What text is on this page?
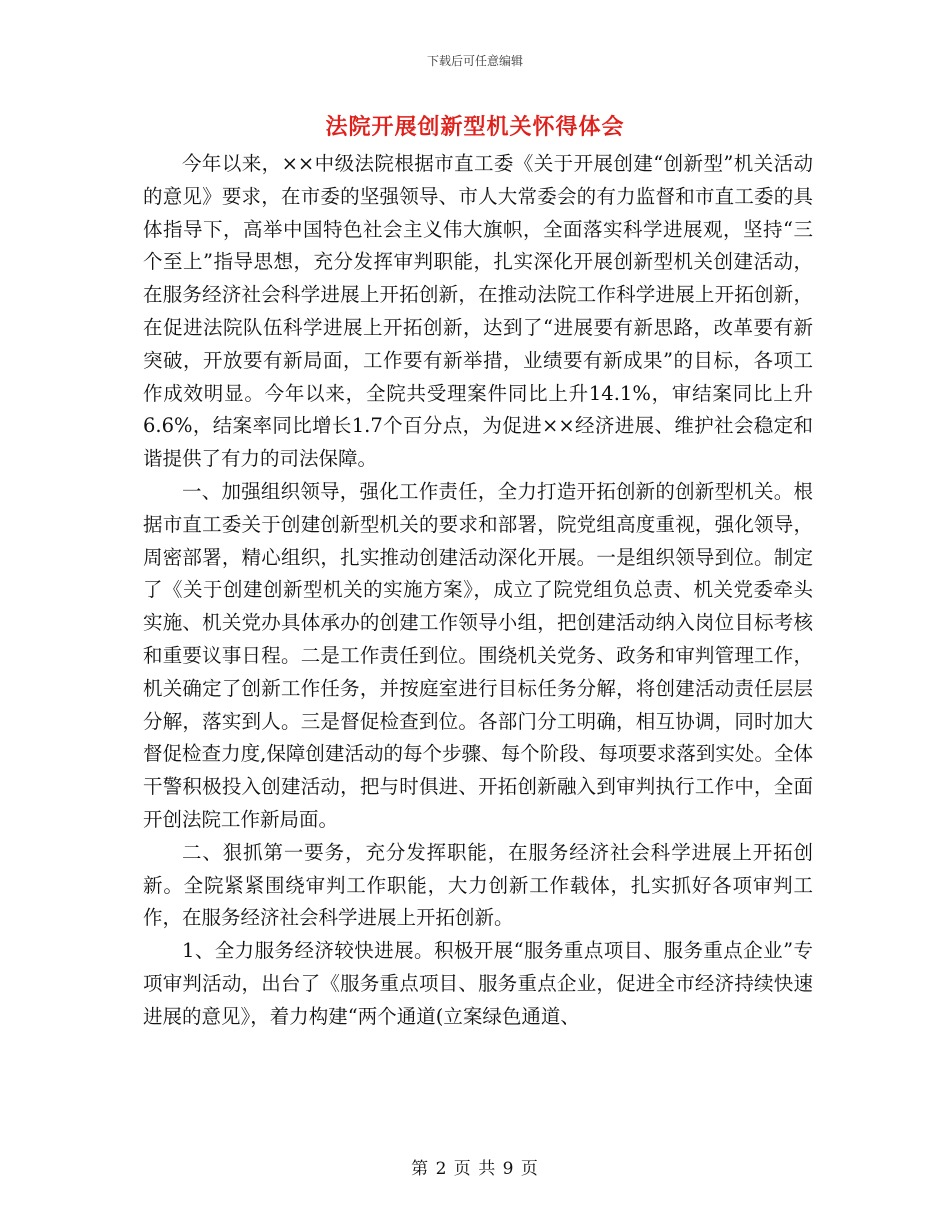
下载后可任意编辑
法院开展创新型机关怀得体会

今年以来，××中级法院根据市直工委《关于开展创建“创新型”机关活动的意见》要求，在市委的坚强领导、市人大常委会的有力监督和市直工委的具体指导下，高举中国特色社会主义伟大旗帜，全面落实科学进展观，坚持“三个至上”指导思想，充分发挥审判职能，扎实深化开展创新型机关创建活动，在服务经济社会科学进展上开拓创新，在推动法院工作科学进展上开拓创新，在促进法院队伍科学进展上开拓创新，达到了“进展要有新思路，改革要有新突破，开放要有新局面，工作要有新举措，业绩要有新成果”的目标，各项工作成效明显。今年以来，全院共受理案件同比上升14.1%，审结案同比上升6.6%，结案率同比增长1.7个百分点，为促进××经济进展、维护社会稳定和谐提供了有力的司法保障。

一、加强组织领导，强化工作责任，全力打造开拓创新的创新型机关。根据市直工委关于创建创新型机关的要求和部署，院党组高度重视，强化领导，周密部署，精心组织，扎实推动创建活动深化开展。一是组织领导到位。制定了《关于创建创新型机关的实施方案》，成立了院党组负总责、机关党委牵头实施、机关党办具体承办的创建工作领导小组，把创建活动纳入岗位目标考核和重要议事日程。二是工作责任到位。围绕机关党务、政务和审判管理工作，机关确定了创新工作任务，并按庭室进行目标任务分解，将创建活动责任层层分解，落实到人。三是督促检查到位。各部门分工明确，相互协调，同时加大督促检查力度,保障创建活动的每个步骤、每个阶段、每项要求落到实处。全体干警积极投入创建活动，把与时俱进、开拓创新融入到审判执行工作中，全面开创法院工作新局面。

二、狠抓第一要务，充分发挥职能，在服务经济社会科学进展上开拓创新。全院紧紧围绕审判工作职能，大力创新工作载体，扎实抓好各项审判工作，在服务经济社会科学进展上开拓创新。

1、全力服务经济较快进展。积极开展“服务重点项目、服务重点企业”专项审判活动，出台了《服务重点项目、服务重点企业，促进全市经济持续快速进展的意见》，着力构建“两个通道(立案绿色通道、

第 2 页 共 9 页
